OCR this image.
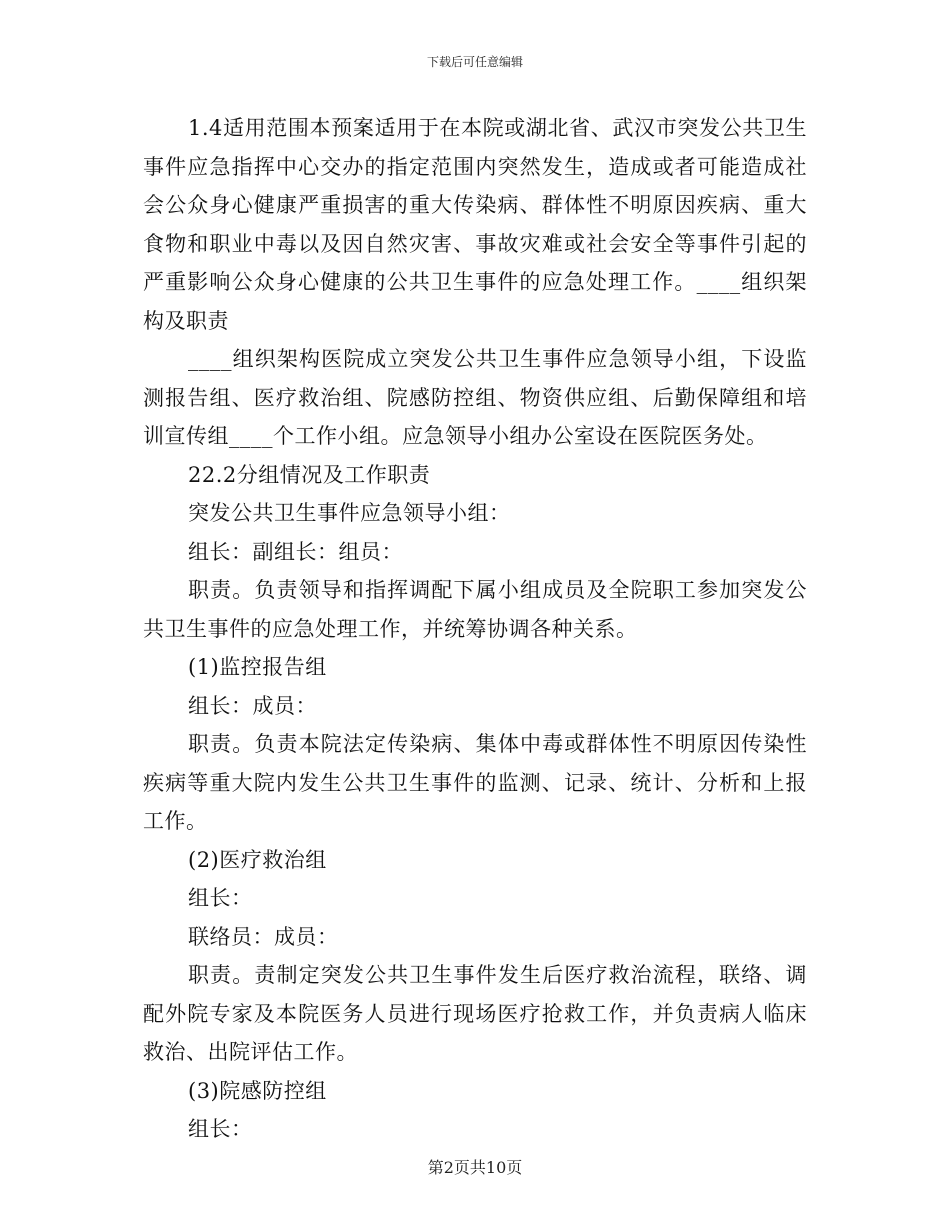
下载后可任意编辑

1.4适用范围本预案适用于在本院或湖北省、武汉市突发公共卫生事件应急指挥中心交办的指定范围内突然发生，造成或者可能造成社会公众身心健康严重损害的重大传染病、群体性不明原因疾病、重大食物和职业中毒以及因自然灾害、事故灾难或社会安全等事件引起的严重影响公众身心健康的公共卫生事件的应急处理工作。____组织架构及职责

____组织架构医院成立突发公共卫生事件应急领导小组，下设监测报告组、医疗救治组、院感防控组、物资供应组、后勤保障组和培训宣传组____个工作小组。应急领导小组办公室设在医院医务处。

22.2分组情况及工作职责

突发公共卫生事件应急领导小组：

组长：副组长：组员：

职责。负责领导和指挥调配下属小组成员及全院职工参加突发公共卫生事件的应急处理工作，并统筹协调各种关系。

(1)监控报告组

组长：成员：

职责。负责本院法定传染病、集体中毒或群体性不明原因传染性疾病等重大院内发生公共卫生事件的监测、记录、统计、分析和上报工作。

(2)医疗救治组

组长：

联络员：成员：

职责。责制定突发公共卫生事件发生后医疗救治流程，联络、调配外院专家及本院医务人员进行现场医疗抢救工作，并负责病人临床救治、出院评估工作。

(3)院感防控组

组长：

第2页共10页
